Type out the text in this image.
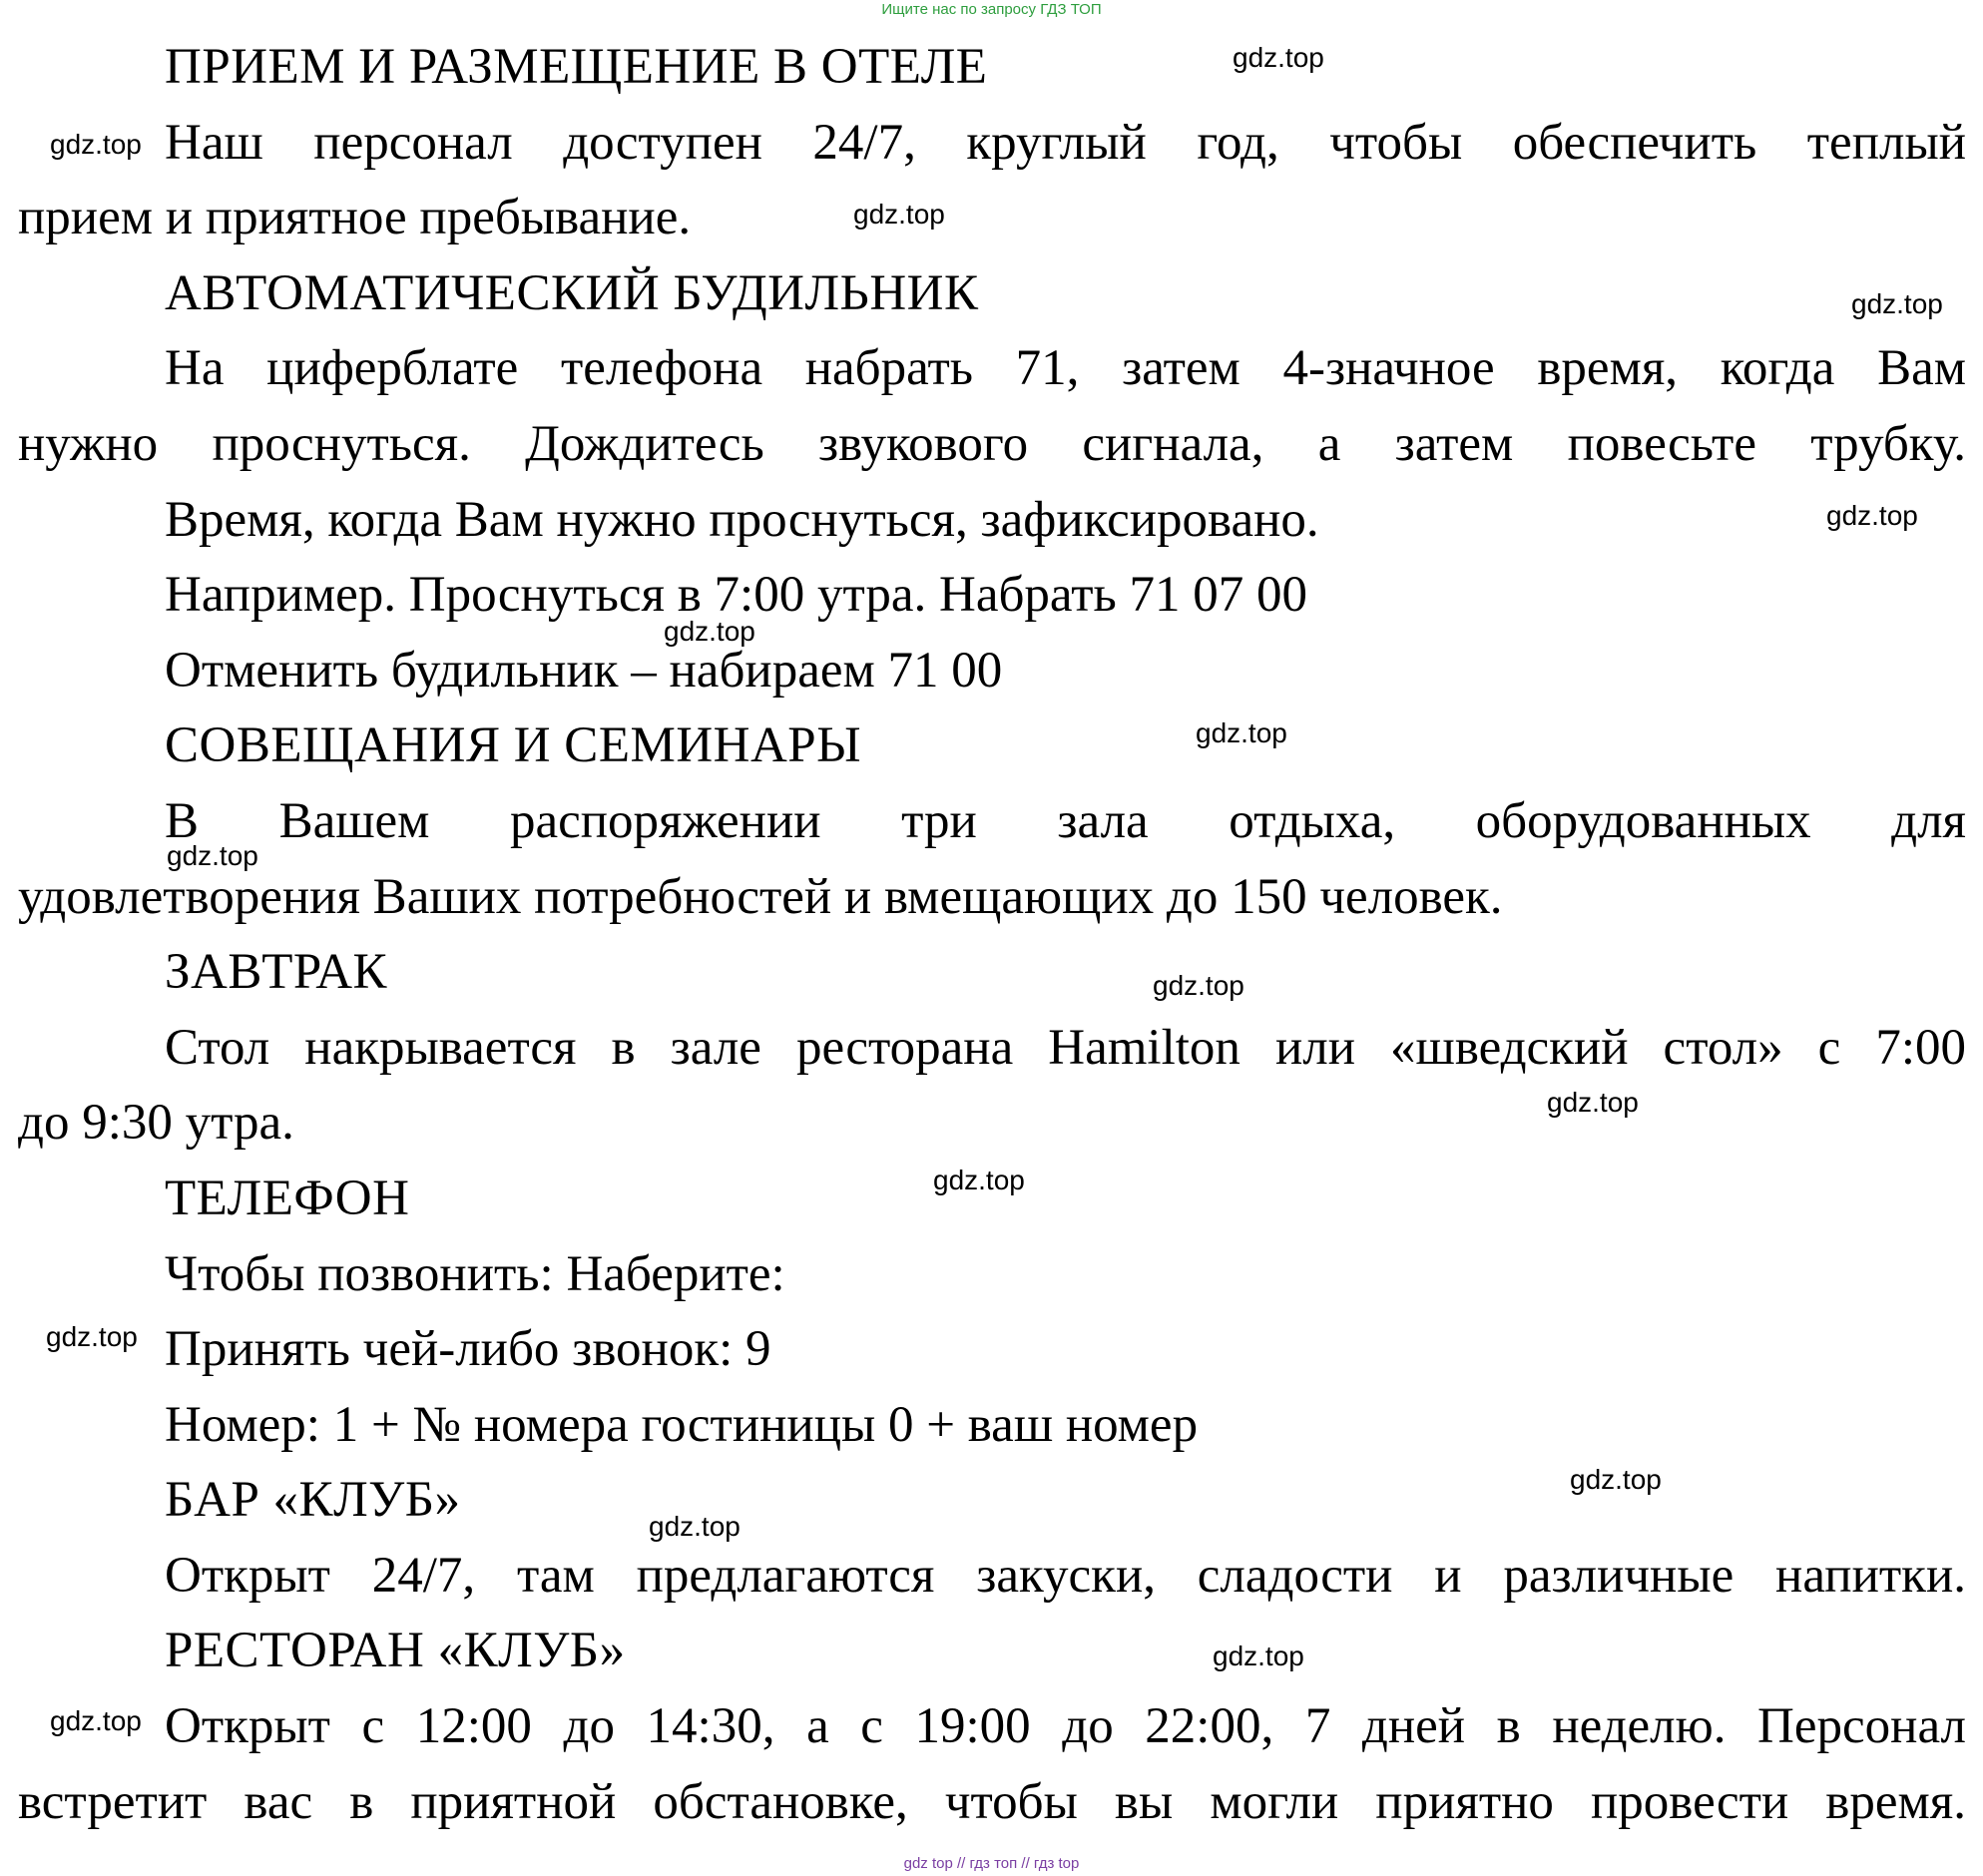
Ищите нас по запросу ГДЗ ТОП
ПРИЕМ И РАЗМЕЩЕНИЕ В ОТЕЛЕ
Наш персонал доступен 24/7, круглый год, чтобы обеспечить теплый
прием и приятное пребывание.
АВТОМАТИЧЕСКИЙ БУДИЛЬНИК
На циферблате телефона набрать 71, затем 4-значное время, когда Вам
нужно проснуться. Дождитесь звукового сигнала, а затем повесьте трубку.
Время, когда Вам нужно проснуться, зафиксировано.
Например. Проснуться в 7:00 утра. Набрать 71 07 00
Отменить будильник – набираем 71 00
СОВЕЩАНИЯ И СЕМИНАРЫ
В Вашем распоряжении три зала отдыха, оборудованных для
удовлетворения Ваших потребностей и вмещающих до 150 человек.
ЗАВТРАК
Стол накрывается в зале ресторана Hamilton или «шведский стол» с 7:00
до 9:30 утра.
ТЕЛЕФОН
Чтобы позвонить: Наберите:
Принять чей-либо звонок: 9
Номер: 1 + № номера гостиницы 0 + ваш номер
БАР «КЛУБ»
Открыт 24/7, там предлагаются закуски, сладости и различные напитки.
РЕСТОРАН «КЛУБ»
Открыт с 12:00 до 14:30, а с 19:00 до 22:00, 7 дней в неделю. Персонал
встретит вас в приятной обстановке, чтобы вы могли приятно провести время.
gdz.top
gdz.top
gdz.top
gdz.top
gdz.top
gdz.top
gdz.top
gdz.top
gdz.top
gdz.top
gdz.top
gdz.top
gdz.top
gdz.top
gdz.top
gdz.top
gdz top // гдз топ // гдз top
